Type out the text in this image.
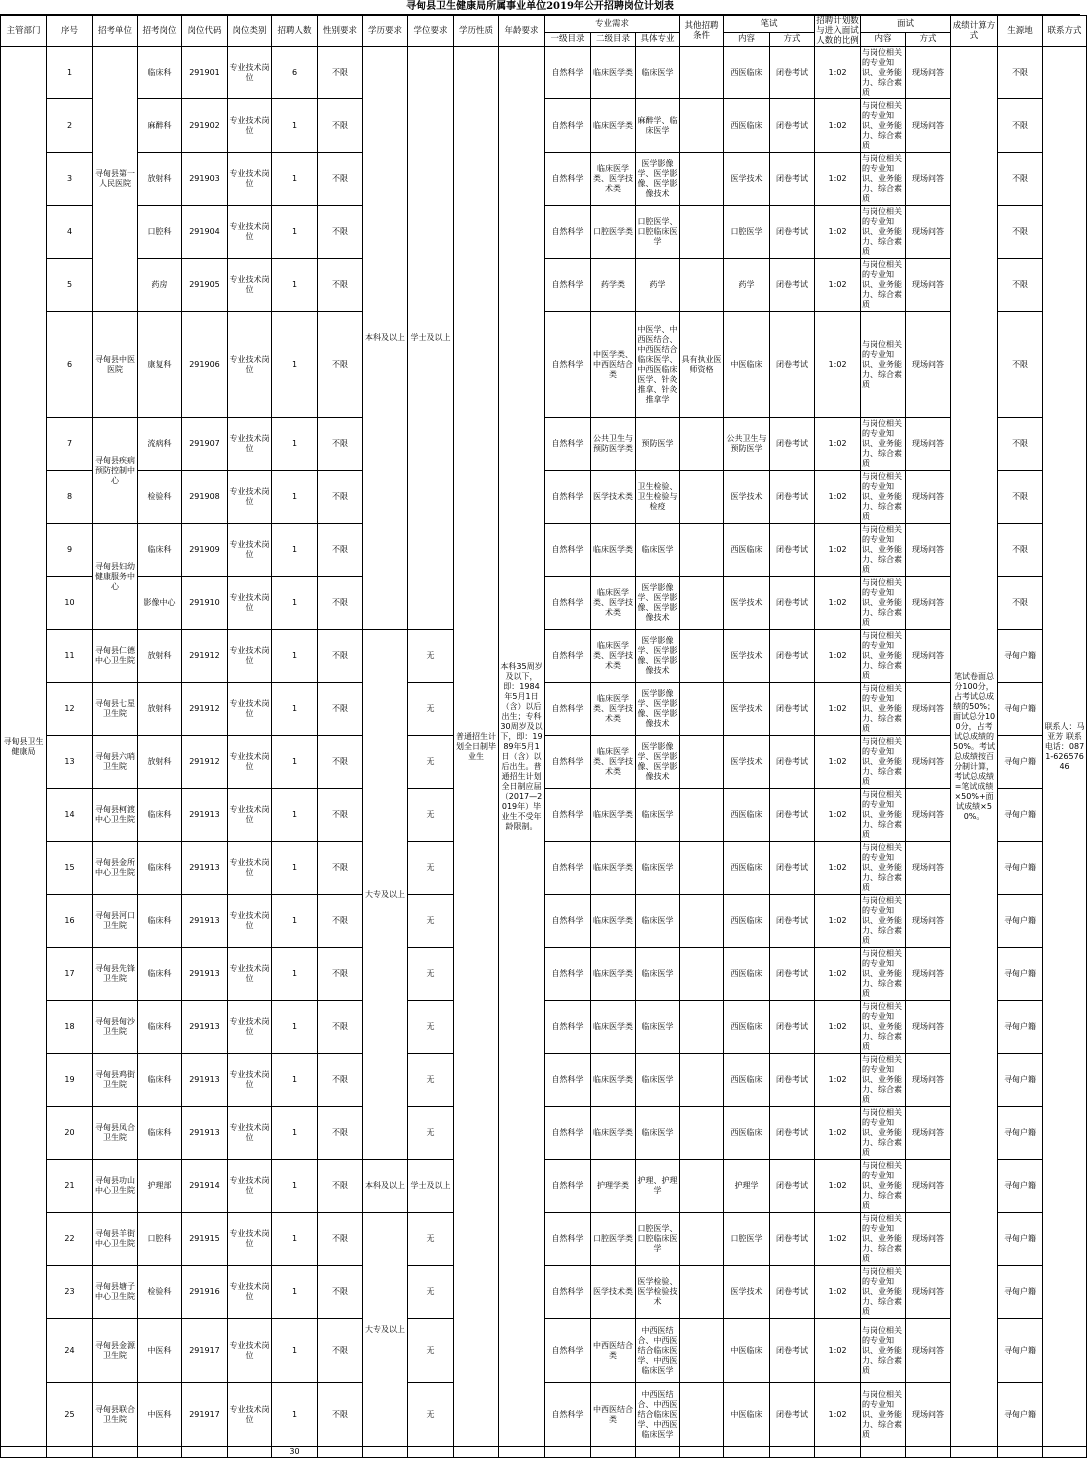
寻甸县卫生健康局所属事业单位2019年公开招聘岗位计划表
主管部门	序号	招考单位	招考岗位	岗位代码	岗位类别	招聘人数	性别要求	学历要求	学位要求	学历性质	年龄要求	专业需求			其他招聘条件	笔试		招聘计划数与进入面试人数的比例	面试		成绩计算方式	生源地	联系方式
												一级目录	二级目录	具体专业		内容	方式		内容	方式			
寻甸县卫生健康局	1	寻甸县第一人民医院	临床科	291901	专业技术岗位	6	不限	本科及以上	学士及以上	普通招生计划全日制毕业生	本科35周岁及以下，即：1984年5月1日（含）以后出生；专科30周岁及以下，即：1989年5月1日（含）以后出生。普通招生计划全日制应届（2017—2019年）毕业生不受年龄限制。	自然科学	临床医学类	临床医学		西医临床	闭卷考试	1:02	与岗位相关的专业知识、业务能力、综合素质	现场问答	笔试卷面总分100分，占考试总成绩的50%；面试总分100分，占考试总成绩的50%。考试总成绩按百分制计算，考试总成绩=笔试成绩×50%+面试成绩×50%。	不限	联系人：马亚芳 联系电话：0871-62657646
	2		麻醉科	291902	专业技术岗位	1	不限					自然科学	临床医学类	麻醉学、临床医学		西医临床	闭卷考试	1:02	与岗位相关的专业知识、业务能力、综合素质	现场问答		不限	
	3		放射科	291903	专业技术岗位	1	不限					自然科学	临床医学类、医学技术类	医学影像学、医学影像、医学影像技术		医学技术	闭卷考试	1:02	与岗位相关的专业知识、业务能力、综合素质	现场问答		不限	
	4		口腔科	291904	专业技术岗位	1	不限					自然科学	口腔医学类	口腔医学、口腔临床医学		口腔医学	闭卷考试	1:02	与岗位相关的专业知识、业务能力、综合素质	现场问答		不限	
	5		药房	291905	专业技术岗位	1	不限					自然科学	药学类	药学		药学	闭卷考试	1:02	与岗位相关的专业知识、业务能力、综合素质	现场问答		不限	
	6	寻甸县中医医院	康复科	291906	专业技术岗位	1	不限					自然科学	中医学类、中西医结合类	中医学、中西医结合、中西医结合临床医学、中西医临床医学、针灸推拿、针灸推拿学	具有执业医师资格	中医临床	闭卷考试	1:02	与岗位相关的专业知识、业务能力、综合素质	现场问答		不限	
	7	寻甸县疾病预防控制中心	流病科	291907	专业技术岗位	1	不限					自然科学	公共卫生与预防医学类	预防医学		公共卫生与预防医学	闭卷考试	1:02	与岗位相关的专业知识、业务能力、综合素质	现场问答		不限	
	8		检验科	291908	专业技术岗位	1	不限					自然科学	医学技术类	卫生检验、卫生检验与检疫		医学技术	闭卷考试	1:02	与岗位相关的专业知识、业务能力、综合素质	现场问答		不限	
	9	寻甸县妇幼健康服务中心	临床科	291909	专业技术岗位	1	不限					自然科学	临床医学类	临床医学		西医临床	闭卷考试	1:02	与岗位相关的专业知识、业务能力、综合素质	现场问答		不限	
	10		影像中心	291910	专业技术岗位	1	不限					自然科学	临床医学类、医学技术类	医学影像学、医学影像、医学影像技术		医学技术	闭卷考试	1:02	与岗位相关的专业知识、业务能力、综合素质	现场问答		不限	
	11	寻甸县仁德中心卫生院	放射科	291912	专业技术岗位	1	不限	大专及以上	无			自然科学	临床医学类、医学技术类	医学影像学、医学影像、医学影像技术		医学技术	闭卷考试	1:02	与岗位相关的专业知识、业务能力、综合素质	现场问答		寻甸户籍	
	12	寻甸县七星卫生院	放射科	291912	专业技术岗位	1	不限		无			自然科学	临床医学类、医学技术类	医学影像学、医学影像、医学影像技术		医学技术	闭卷考试	1:02	与岗位相关的专业知识、业务能力、综合素质	现场问答		寻甸户籍	
	13	寻甸县六哨卫生院	放射科	291912	专业技术岗位	1	不限		无			自然科学	临床医学类、医学技术类	医学影像学、医学影像、医学影像技术		医学技术	闭卷考试	1:02	与岗位相关的专业知识、业务能力、综合素质	现场问答		寻甸户籍	
	14	寻甸县柯渡中心卫生院	临床科	291913	专业技术岗位	1	不限		无			自然科学	临床医学类	临床医学		西医临床	闭卷考试	1:02	与岗位相关的专业知识、业务能力、综合素质	现场问答		寻甸户籍	
	15	寻甸县金所中心卫生院	临床科	291913	专业技术岗位	1	不限		无			自然科学	临床医学类	临床医学		西医临床	闭卷考试	1:02	与岗位相关的专业知识、业务能力、综合素质	现场问答		寻甸户籍	
	16	寻甸县河口卫生院	临床科	291913	专业技术岗位	1	不限		无			自然科学	临床医学类	临床医学		西医临床	闭卷考试	1:02	与岗位相关的专业知识、业务能力、综合素质	现场问答		寻甸户籍	
	17	寻甸县先锋卫生院	临床科	291913	专业技术岗位	1	不限		无			自然科学	临床医学类	临床医学		西医临床	闭卷考试	1:02	与岗位相关的专业知识、业务能力、综合素质	现场问答		寻甸户籍	
	18	寻甸县甸沙卫生院	临床科	291913	专业技术岗位	1	不限		无			自然科学	临床医学类	临床医学		西医临床	闭卷考试	1:02	与岗位相关的专业知识、业务能力、综合素质	现场问答		寻甸户籍	
	19	寻甸县鸡街卫生院	临床科	291913	专业技术岗位	1	不限		无			自然科学	临床医学类	临床医学		西医临床	闭卷考试	1:02	与岗位相关的专业知识、业务能力、综合素质	现场问答		寻甸户籍	
	20	寻甸县凤合卫生院	临床科	291913	专业技术岗位	1	不限		无			自然科学	临床医学类	临床医学		西医临床	闭卷考试	1:02	与岗位相关的专业知识、业务能力、综合素质	现场问答		寻甸户籍	
	21	寻甸县功山中心卫生院	护理部	291914	专业技术岗位	1	不限	本科及以上	学士及以上			自然科学	护理学类	护理、护理学		护理学	闭卷考试	1:02	与岗位相关的专业知识、业务能力、综合素质	现场问答		寻甸户籍	
	22	寻甸县羊街中心卫生院	口腔科	291915	专业技术岗位	1	不限	大专及以上	无			自然科学	口腔医学类	口腔医学、口腔临床医学		口腔医学	闭卷考试	1:02	与岗位相关的专业知识、业务能力、综合素质	现场问答		寻甸户籍	
	23	寻甸县塘子中心卫生院	检验科	291916	专业技术岗位	1	不限		无			自然科学	医学技术类	医学检验、医学检验技术		医学技术	闭卷考试	1:02	与岗位相关的专业知识、业务能力、综合素质	现场问答		寻甸户籍	
	24	寻甸县金源卫生院	中医科	291917	专业技术岗位	1	不限		无			自然科学	中西医结合类	中西医结合、中西医结合临床医学、中西医临床医学		中医临床	闭卷考试	1:02	与岗位相关的专业知识、业务能力、综合素质	现场问答		寻甸户籍	
	25	寻甸县联合卫生院	中医科	291917	专业技术岗位	1	不限		无			自然科学	中西医结合类	中西医结合、中西医结合临床医学、中西医临床医学		中医临床	闭卷考试	1:02	与岗位相关的专业知识、业务能力、综合素质	现场问答		寻甸户籍	
						30																	
